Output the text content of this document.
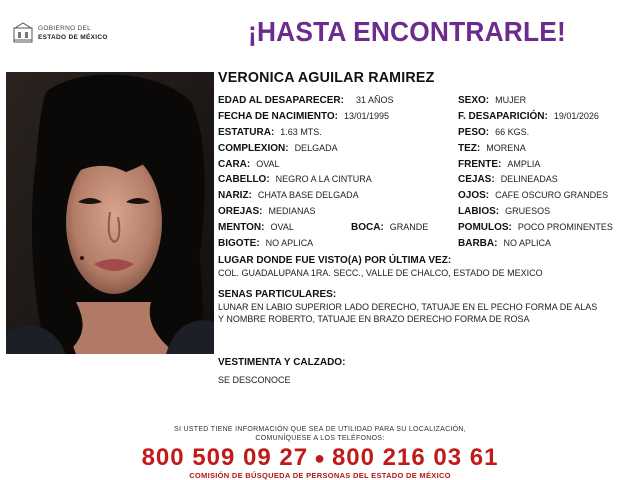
GOBIERNO DEL
ESTADO DE MÉXICO	¡HASTA ENCONTRARLE!
VERONICA AGUILAR RAMIREZ
EDAD AL DESAPARECER: 31 AÑOS
FECHA DE NACIMIENTO: 13/01/1995
ESTATURA: 1.63 MTS.
COMPLEXION: DELGADA
CARA: OVAL
CABELLO: NEGRO A LA CINTURA
NARIZ: CHATA BASE DELGADA
OREJAS: MEDIANAS
MENTON: OVAL	BOCA: GRANDE
BIGOTE: NO APLICA
SEXO: MUJER
F. DESAPARICIÓN: 19/01/2026
PESO: 66 KGS.
TEZ: MORENA
FRENTE: AMPLIA
CEJAS: DELINEADAS
OJOS: CAFE OSCURO GRANDES
LABIOS: GRUESOS
POMULOS: POCO PROMINENTES
BARBA: NO APLICA
LUGAR DONDE FUE VISTO(A) POR ÚLTIMA VEZ:
COL. GUADALUPANA 1RA. SECC., VALLE DE CHALCO, ESTADO DE MEXICO
SENAS PARTICULARES:
LUNAR EN LABIO SUPERIOR LADO DERECHO, TATUAJE EN EL PECHO FORMA DE ALAS
Y NOMBRE ROBERTO, TATUAJE EN BRAZO DERECHO FORMA DE ROSA
VESTIMENTA Y CALZADO:
SE DESCONOCE
SI USTED TIENE INFORMACIÓN QUE SEA DE UTILIDAD PARA SU LOCALIZACIÓN,
COMUNÍQUESE A LOS TELÉFONOS:
800 509 09 27 ● 800 216 03 61
COMISIÓN DE BÚSQUEDA DE PERSONAS DEL ESTADO DE MÉXICO
